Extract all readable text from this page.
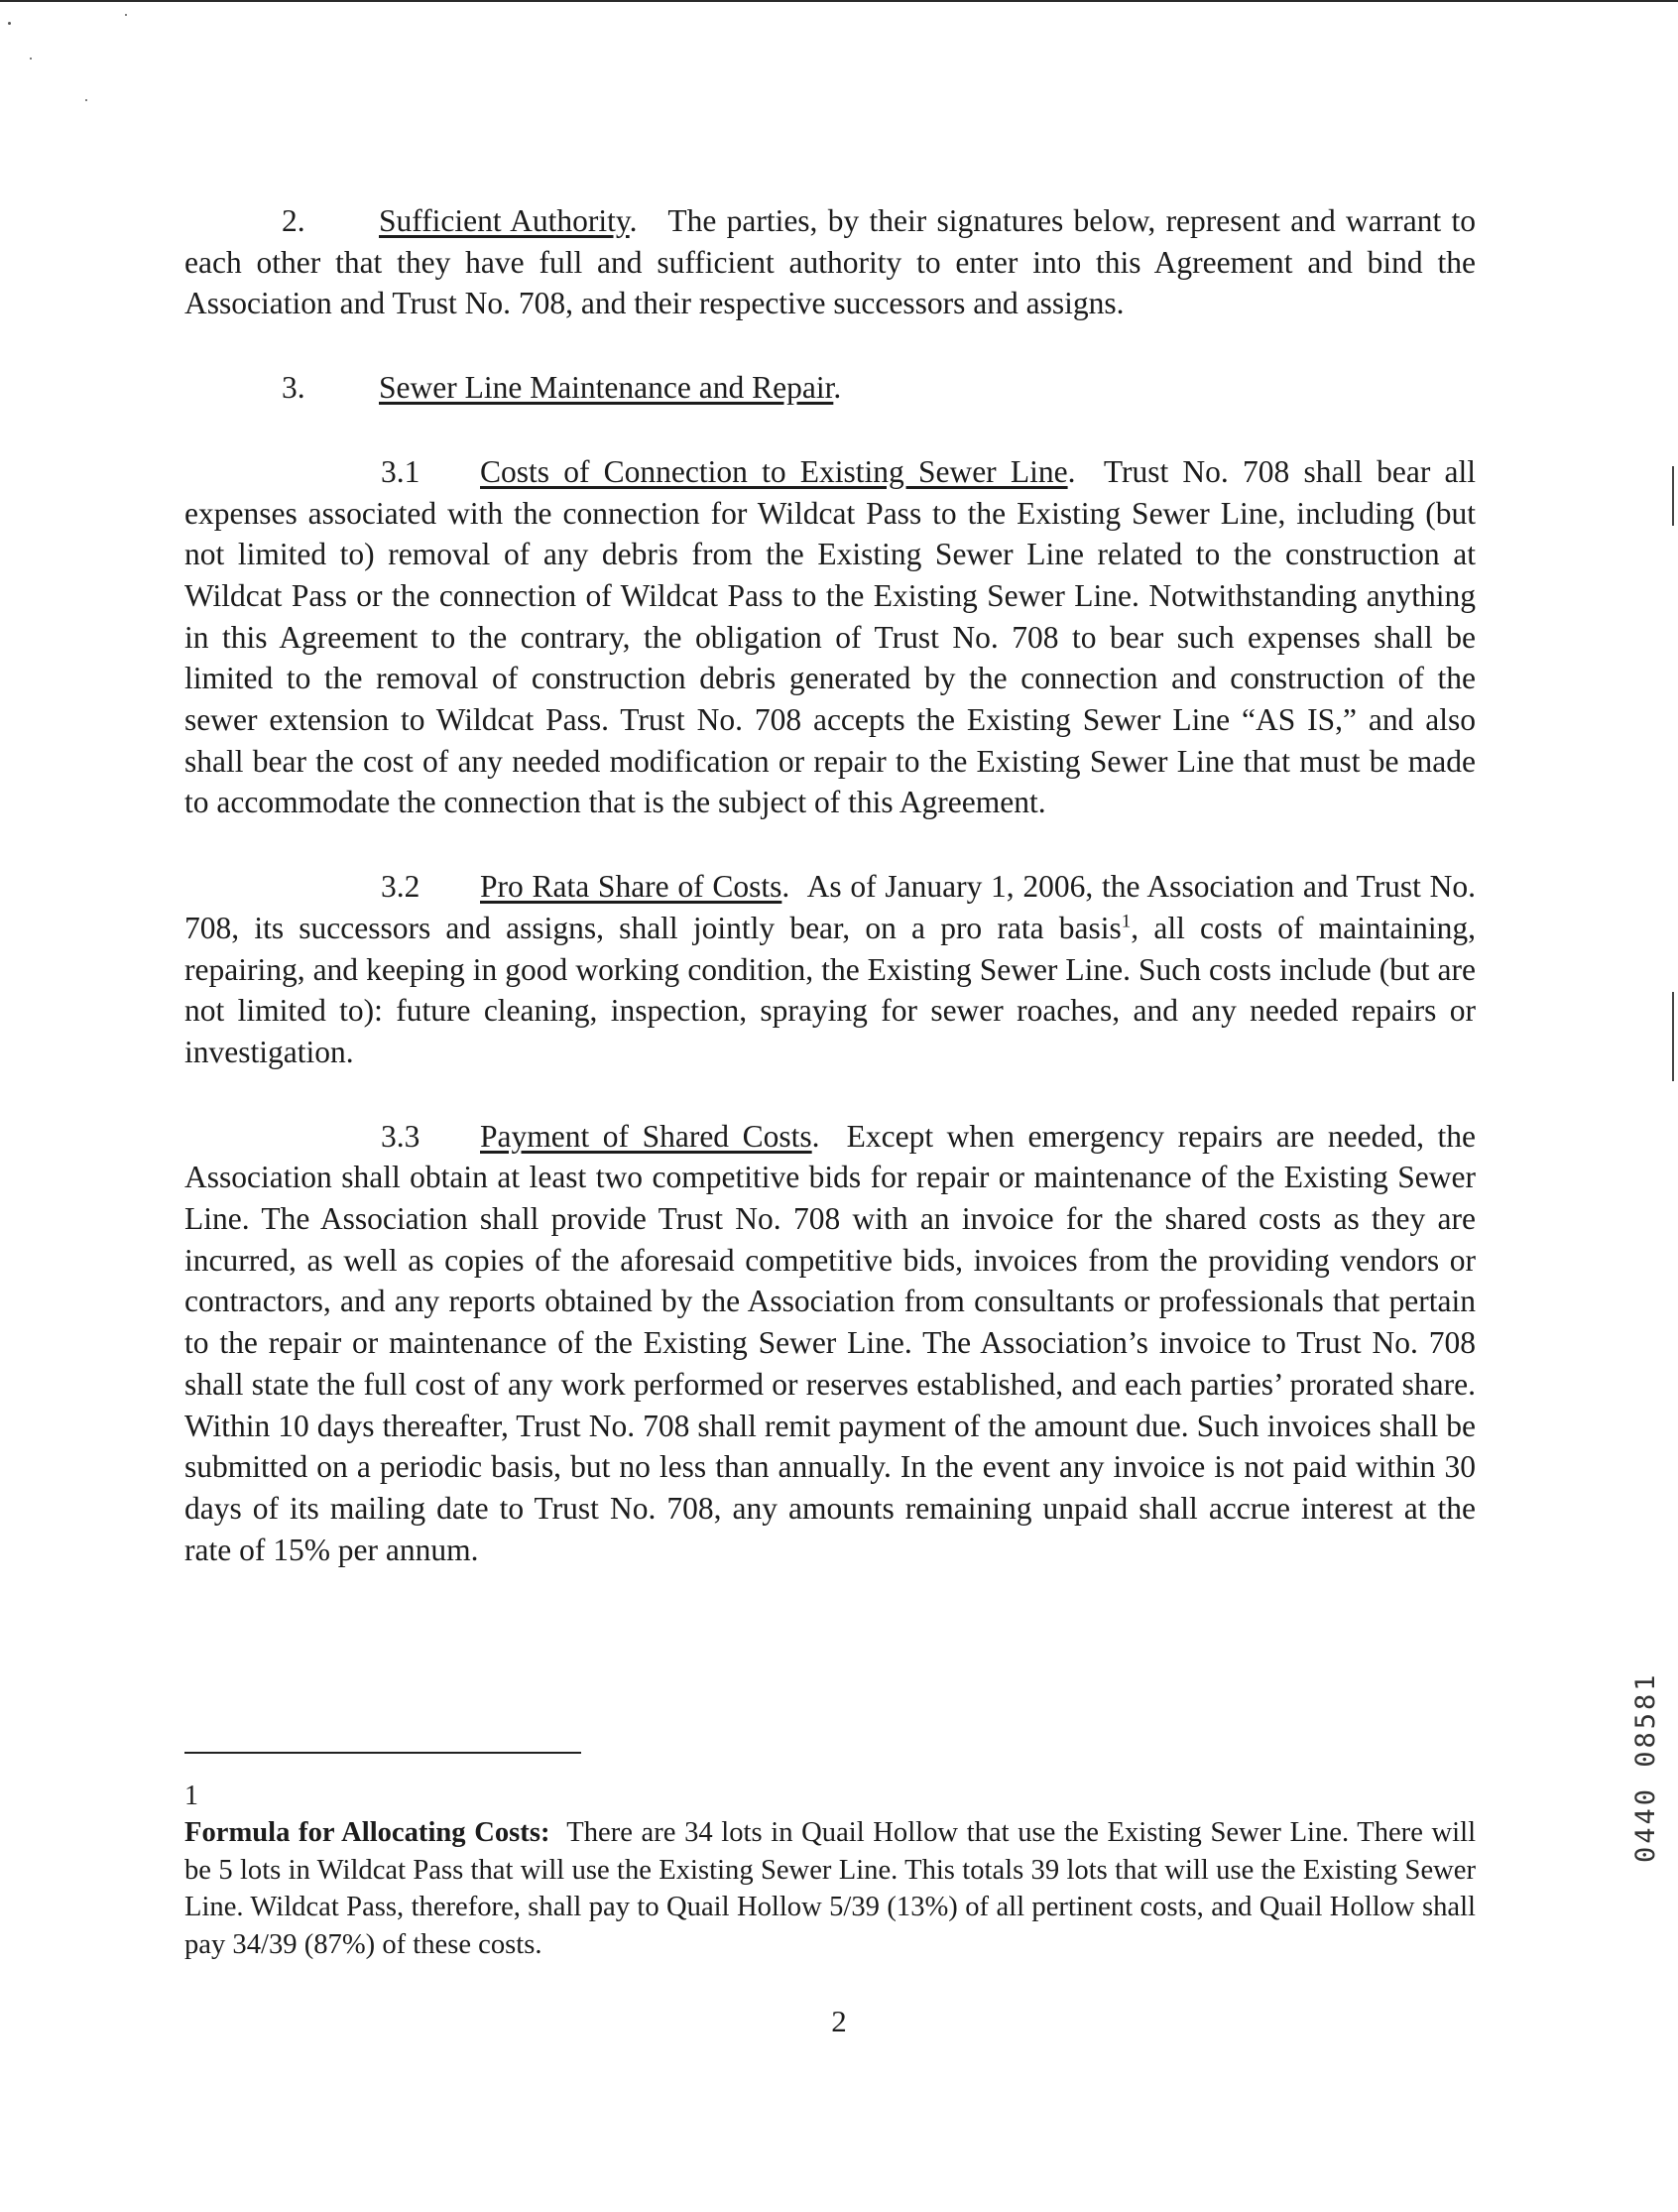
2. Sufficient Authority. The parties, by their signatures below, represent and warrant to each other that they have full and sufficient authority to enter into this Agreement and bind the Association and Trust No. 708, and their respective successors and assigns.

3. Sewer Line Maintenance and Repair.

3.1 Costs of Connection to Existing Sewer Line. Trust No. 708 shall bear all expenses associated with the connection for Wildcat Pass to the Existing Sewer Line, including (but not limited to) removal of any debris from the Existing Sewer Line related to the construction at Wildcat Pass or the connection of Wildcat Pass to the Existing Sewer Line. Notwithstanding anything in this Agreement to the contrary, the obligation of Trust No. 708 to bear such expenses shall be limited to the removal of construction debris generated by the connection and construction of the sewer extension to Wildcat Pass. Trust No. 708 accepts the Existing Sewer Line “AS IS,” and also shall bear the cost of any needed modification or repair to the Existing Sewer Line that must be made to accommodate the connection that is the subject of this Agreement.

3.2 Pro Rata Share of Costs. As of January 1, 2006, the Association and Trust No. 708, its successors and assigns, shall jointly bear, on a pro rata basis$^1$, all costs of maintaining, repairing, and keeping in good working condition, the Existing Sewer Line. Such costs include (but are not limited to): future cleaning, inspection, spraying for sewer roaches, and any needed repairs or investigation.

3.3 Payment of Shared Costs. Except when emergency repairs are needed, the Association shall obtain at least two competitive bids for repair or maintenance of the Existing Sewer Line. The Association shall provide Trust No. 708 with an invoice for the shared costs as they are incurred, as well as copies of the aforesaid competitive bids, invoices from the providing vendors or contractors, and any reports obtained by the Association from consultants or professionals that pertain to the repair or maintenance of the Existing Sewer Line. The Association’s invoice to Trust No. 708 shall state the full cost of any work performed or reserves established, and each parties’ prorated share. Within 10 days thereafter, Trust No. 708 shall remit payment of the amount due. Such invoices shall be submitted on a periodic basis, but no less than annually. In the event any invoice is not paid within 30 days of its mailing date to Trust No. 708, any amounts remaining unpaid shall accrue interest at the rate of 15% per annum.

1

Formula for Allocating Costs: There are 34 lots in Quail Hollow that use the Existing Sewer Line. There will be 5 lots in Wildcat Pass that will use the Existing Sewer Line. This totals 39 lots that will use the Existing Sewer Line. Wildcat Pass, therefore, shall pay to Quail Hollow 5/39 (13%) of all pertinent costs, and Quail Hollow shall pay 34/39 (87%) of these costs.

2
0440 08581
